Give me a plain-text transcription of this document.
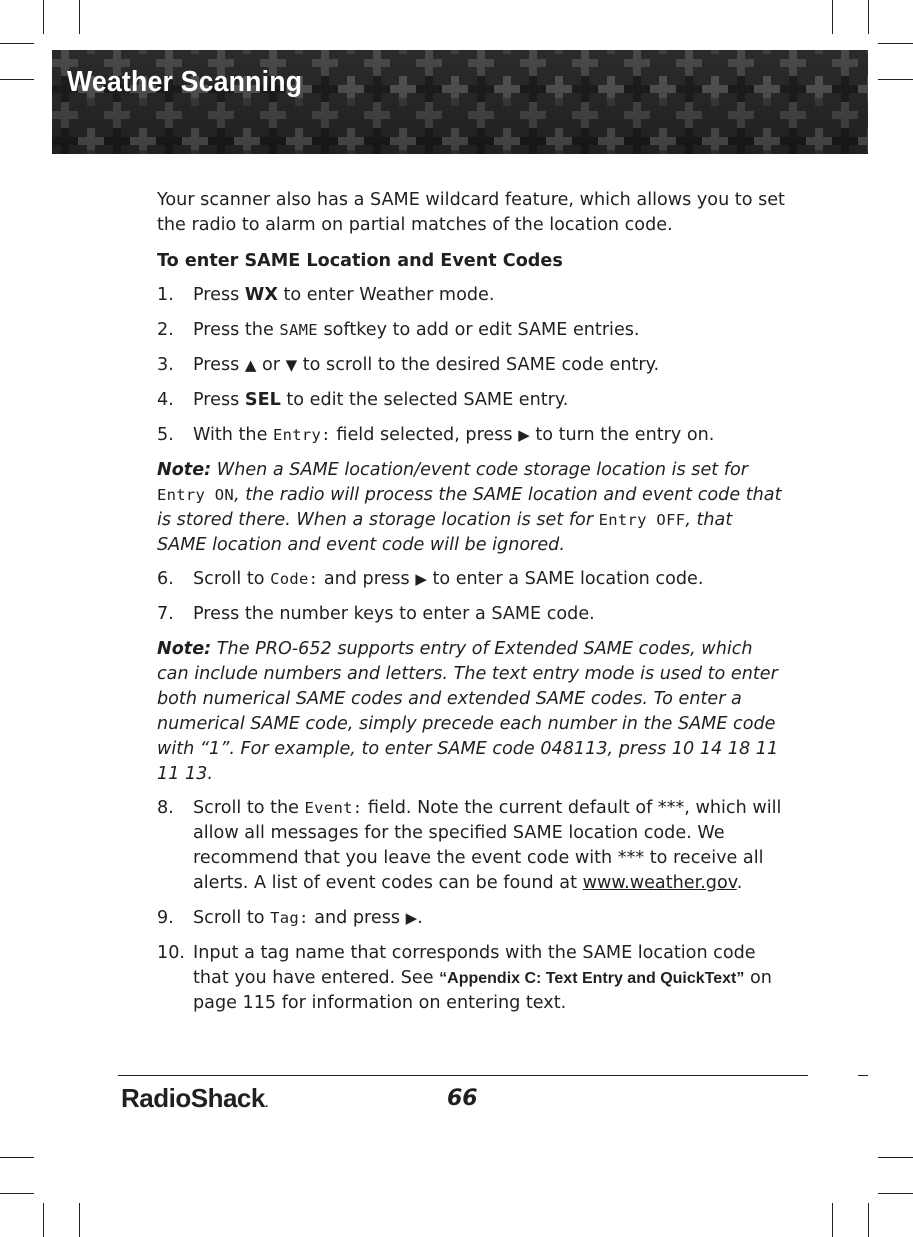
Weather Scanning

Your scanner also has a SAME wildcard feature, which allows you to set the radio to alarm on partial matches of the location code.

To enter SAME Location and Event Codes

1. Press WX to enter Weather mode.

2. Press the SAME softkey to add or edit SAME entries.

3. Press ▲ or ▼ to scroll to the desired SAME code entry.

4. Press SEL to edit the selected SAME entry.

5. With the Entry: field selected, press ▶ to turn the entry on.

Note: When a SAME location/event code storage location is set for Entry ON, the radio will process the SAME location and event code that is stored there. When a storage location is set for Entry OFF, that SAME location and event code will be ignored.

6. Scroll to Code: and press ▶ to enter a SAME location code.

7. Press the number keys to enter a SAME code.

Note: The PRO-652 supports entry of Extended SAME codes, which can include numbers and letters. The text entry mode is used to enter both numerical SAME codes and extended SAME codes. To enter a numerical SAME code, simply precede each number in the SAME code with “1”. For example, to enter SAME code 048113, press 10 14 18 11 11 13.

8. Scroll to the Event: field. Note the current default of ***, which will allow all messages for the specified SAME location code. We recommend that you leave the event code with *** to receive all alerts. A list of event codes can be found at www.weather.gov.

9. Scroll to Tag: and press ▶.

10. Input a tag name that corresponds with the SAME location code that you have entered. See “Appendix C: Text Entry and QuickText” on page 115 for information on entering text.

RadioShack.	66
